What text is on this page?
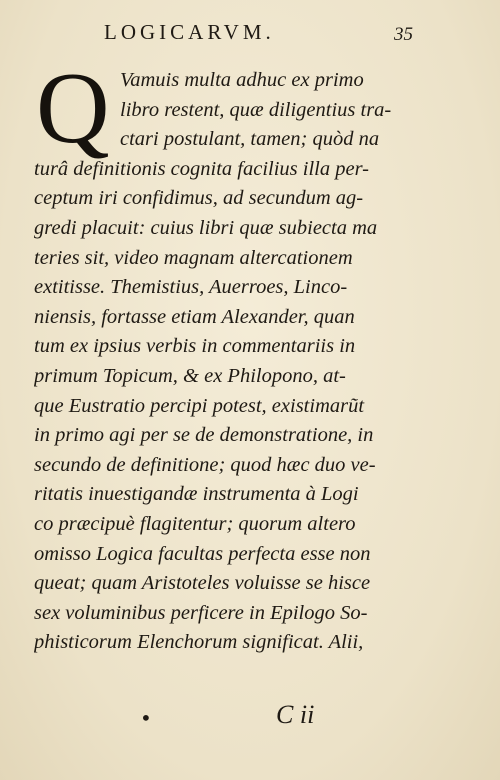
LOGICARVM.	35
Q Vamuis multa adhuc ex primo
libro restent, quæ diligentius tra-
ctari postulant, tamen; quòd na
turâ definitionis cognita facilius illa per-
ceptum iri confidimus, ad secundum ag-
gredi placuit: cuius libri quæ subiecta ma
teries sit, video magnam altercationem
extitisse. Themistius, Auerroes, Linco-
niensis, fortasse etiam Alexander, quan
tum ex ipsius verbis in commentariis in
primum Topicum, & ex Philopono, at-
que Eustratio percipi potest, existimarũt
in primo agi per se de demonstratione, in
secundo de definitione; quod hæc duo ve-
ritatis inuestigandæ instrumenta à Logi
co præcipuè flagitentur; quorum altero
omisso Logica facultas perfecta esse non
queat; quam Aristoteles voluisse se hisce
sex voluminibus perficere in Epilogo So-
phisticorum Elenchorum significat. Alii,
•	C ii
